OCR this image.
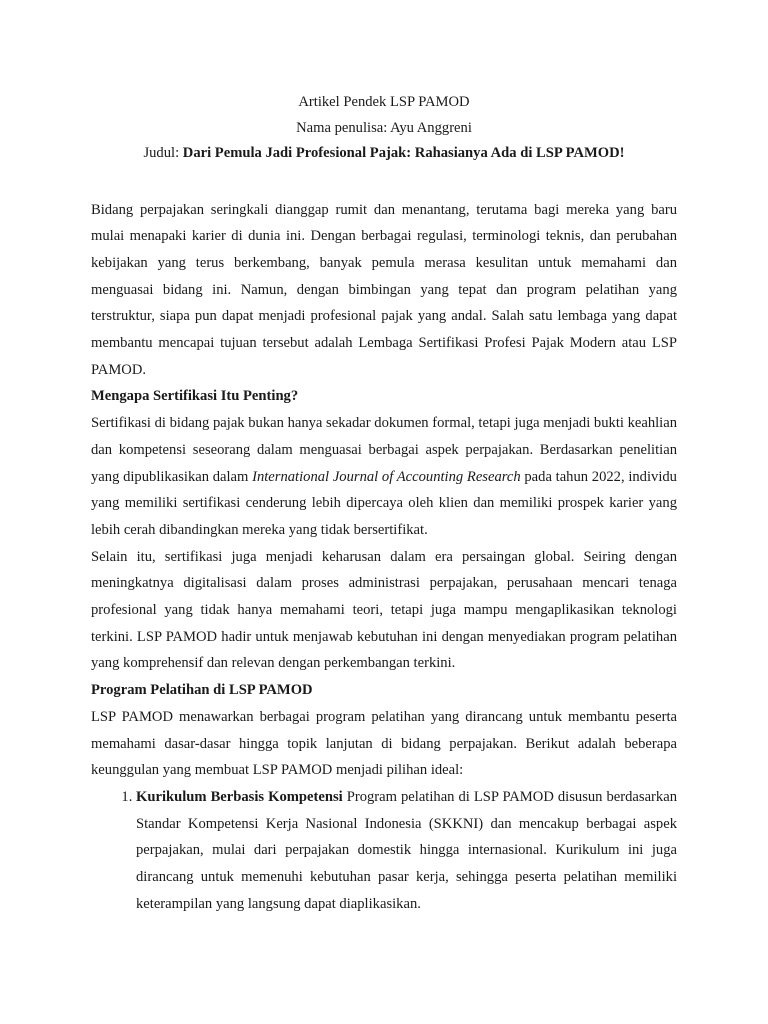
Artikel Pendek LSP PAMOD
Nama penulisa: Ayu Anggreni
Judul: Dari Pemula Jadi Profesional Pajak: Rahasianya Ada di LSP PAMOD!

Bidang perpajakan seringkali dianggap rumit dan menantang, terutama bagi mereka yang baru mulai menapaki karier di dunia ini. Dengan berbagai regulasi, terminologi teknis, dan perubahan kebijakan yang terus berkembang, banyak pemula merasa kesulitan untuk memahami dan menguasai bidang ini. Namun, dengan bimbingan yang tepat dan program pelatihan yang terstruktur, siapa pun dapat menjadi profesional pajak yang andal. Salah satu lembaga yang dapat membantu mencapai tujuan tersebut adalah Lembaga Sertifikasi Profesi Pajak Modern atau LSP PAMOD.

Mengapa Sertifikasi Itu Penting?

Sertifikasi di bidang pajak bukan hanya sekadar dokumen formal, tetapi juga menjadi bukti keahlian dan kompetensi seseorang dalam menguasai berbagai aspek perpajakan. Berdasarkan penelitian yang dipublikasikan dalam International Journal of Accounting Research pada tahun 2022, individu yang memiliki sertifikasi cenderung lebih dipercaya oleh klien dan memiliki prospek karier yang lebih cerah dibandingkan mereka yang tidak bersertifikat.

Selain itu, sertifikasi juga menjadi keharusan dalam era persaingan global. Seiring dengan meningkatnya digitalisasi dalam proses administrasi perpajakan, perusahaan mencari tenaga profesional yang tidak hanya memahami teori, tetapi juga mampu mengaplikasikan teknologi terkini. LSP PAMOD hadir untuk menjawab kebutuhan ini dengan menyediakan program pelatihan yang komprehensif dan relevan dengan perkembangan terkini.

Program Pelatihan di LSP PAMOD

LSP PAMOD menawarkan berbagai program pelatihan yang dirancang untuk membantu peserta memahami dasar-dasar hingga topik lanjutan di bidang perpajakan. Berikut adalah beberapa keunggulan yang membuat LSP PAMOD menjadi pilihan ideal:

1. Kurikulum Berbasis Kompetensi Program pelatihan di LSP PAMOD disusun berdasarkan Standar Kompetensi Kerja Nasional Indonesia (SKKNI) dan mencakup berbagai aspek perpajakan, mulai dari perpajakan domestik hingga internasional. Kurikulum ini juga dirancang untuk memenuhi kebutuhan pasar kerja, sehingga peserta pelatihan memiliki keterampilan yang langsung dapat diaplikasikan.
